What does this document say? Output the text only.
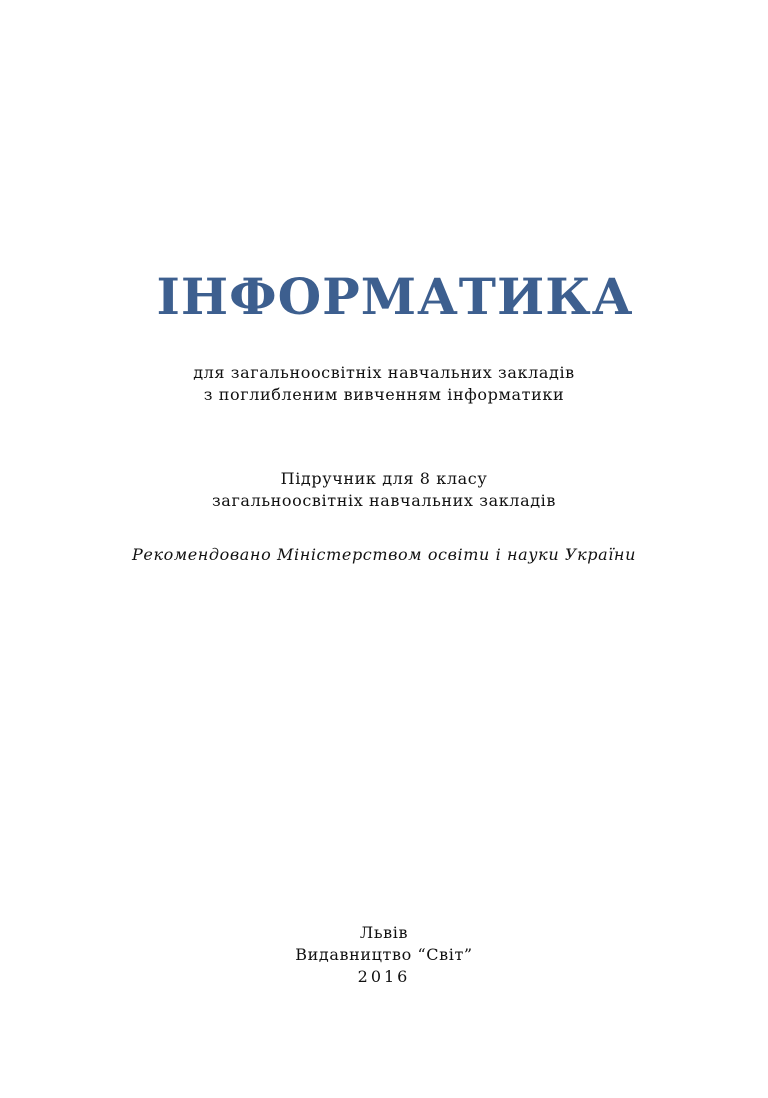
ІНФОРМАТИКА
для загальноосвітніх навчальних закладів
з поглибленим вивченням інформатики
Підручник для 8 класу
загальноосвітніх навчальних закладів
Рекомендовано Міністерством освіти і науки України
Львів
Видавництво “Світ”
2016
